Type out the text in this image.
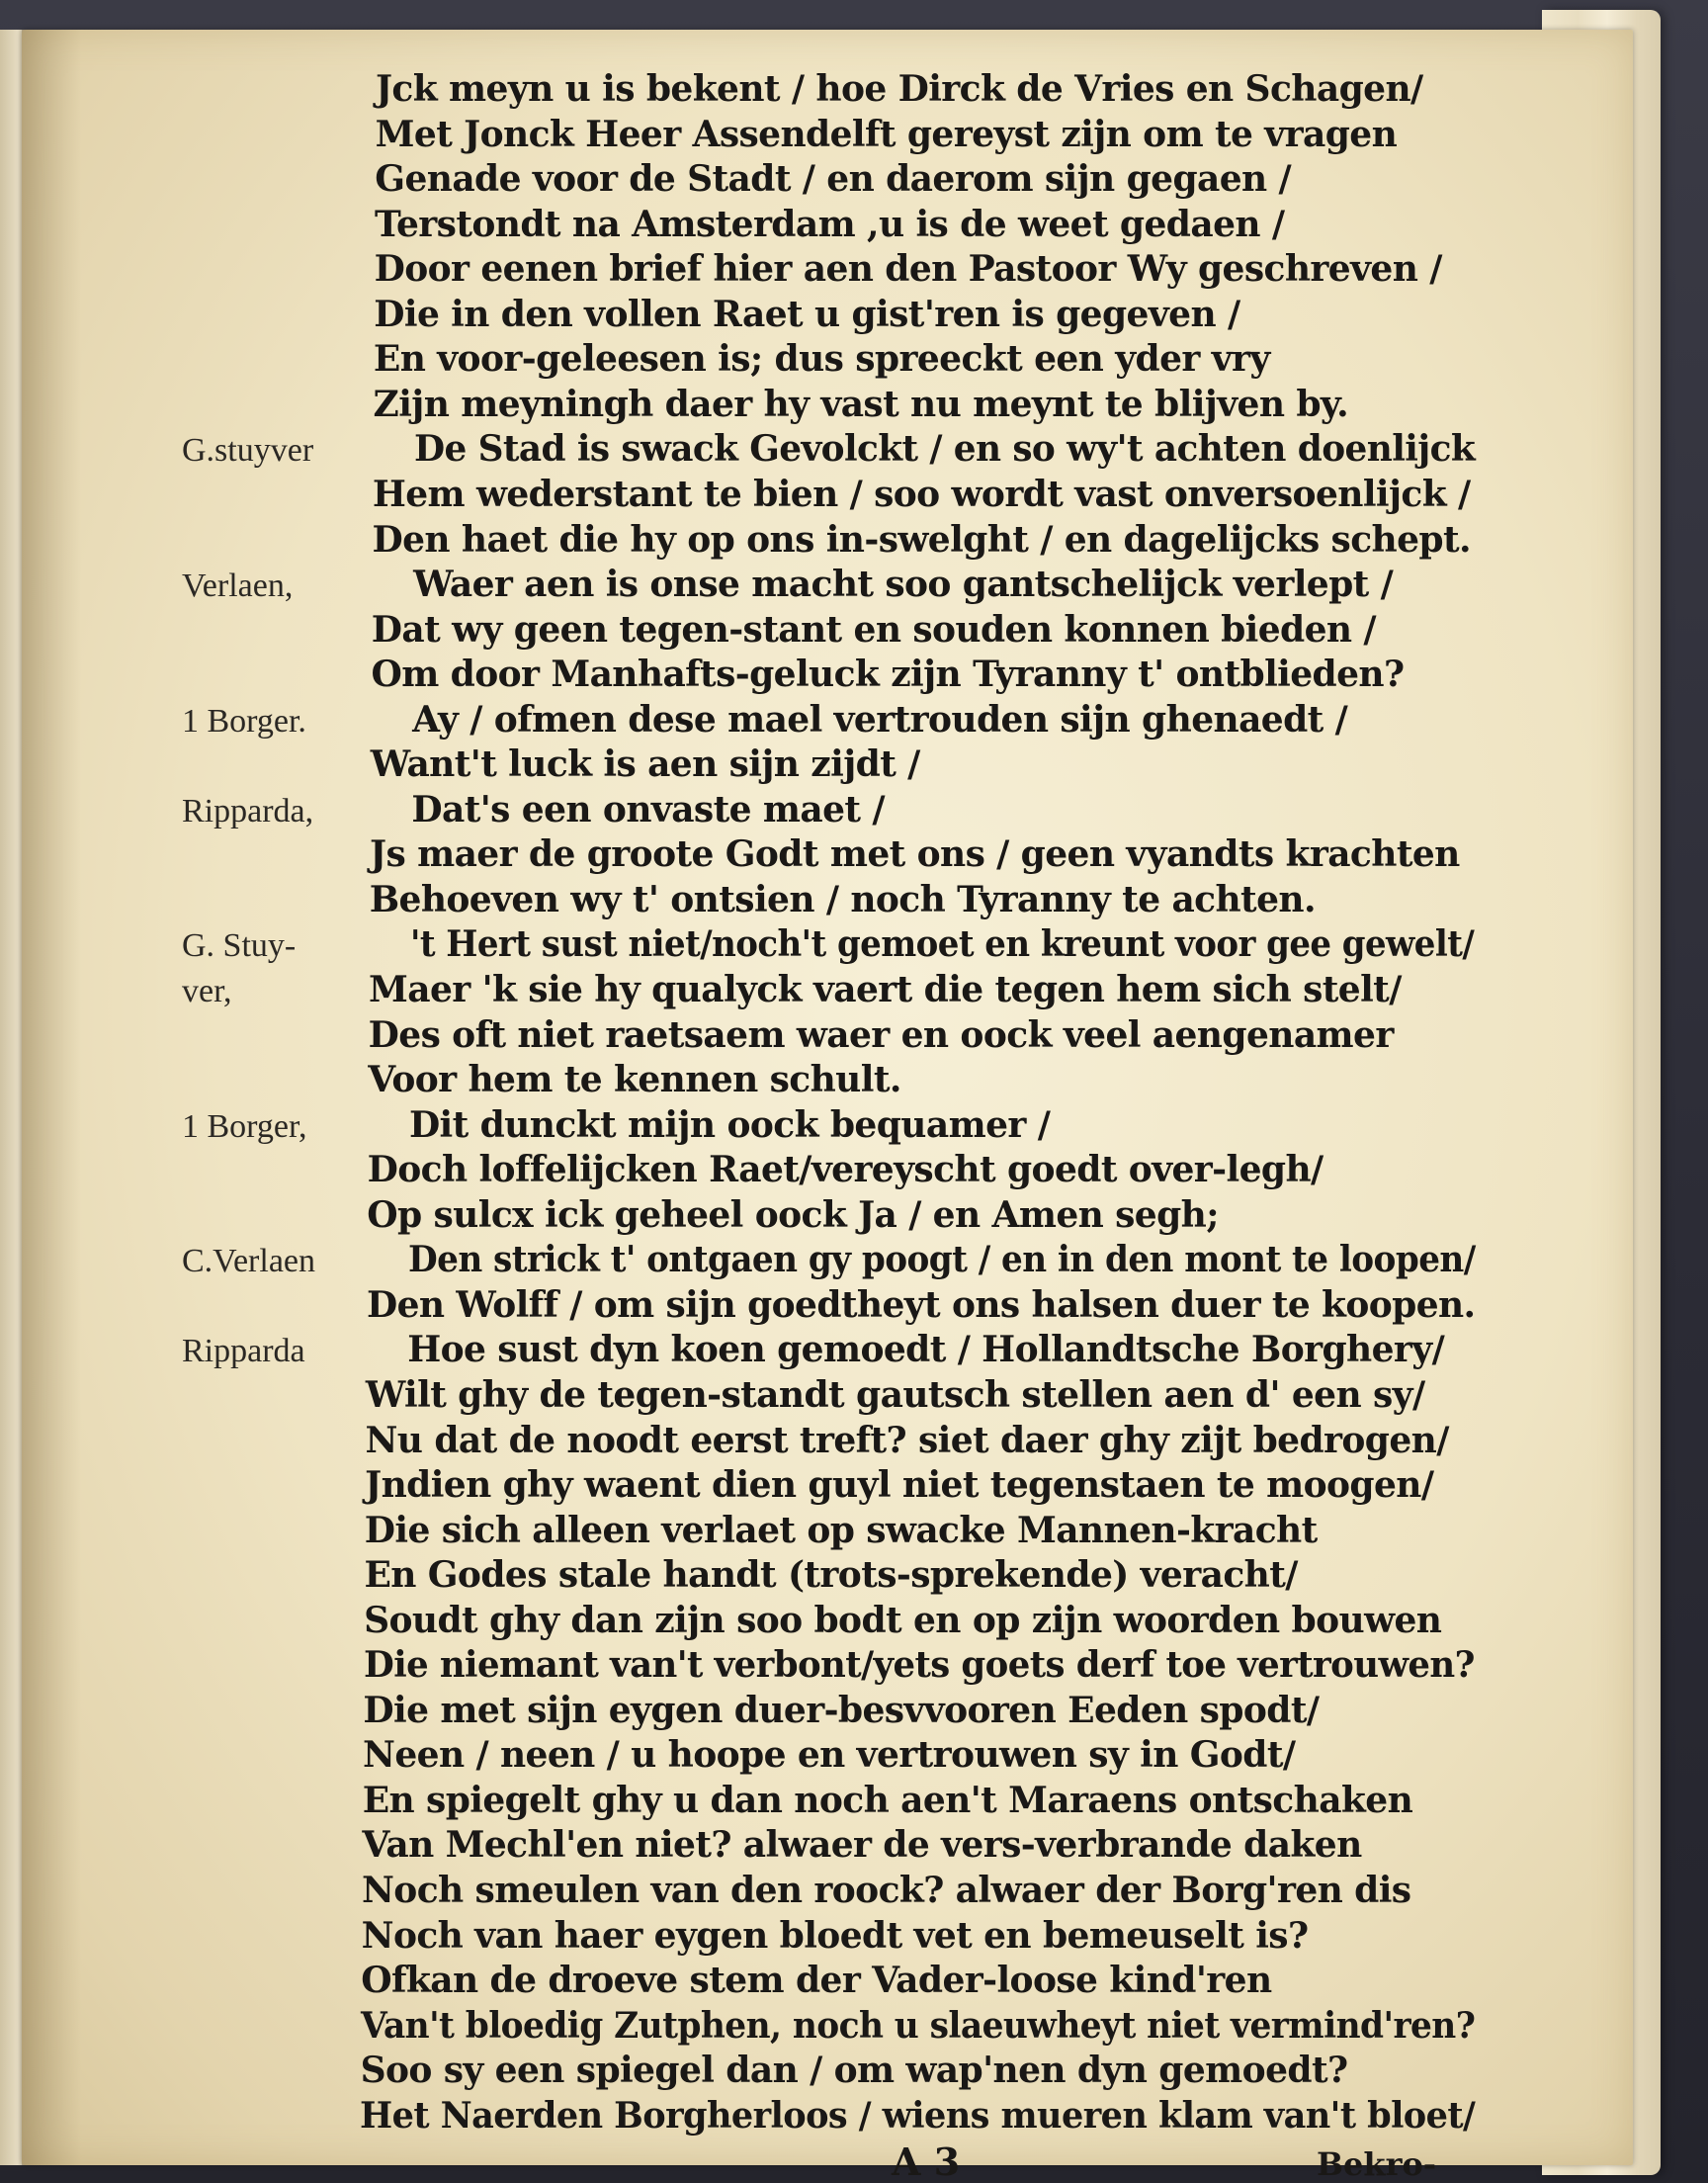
Jck meyn u is bekent / hoe Dirck de Vries en Schagen/
Met Jonck Heer Assendelft gereyst zijn om te vragen
Genade voor de Stadt / en daerom sijn gegaen /
Terstondt na Amsterdam ,u is de weet gedaen /
Door eenen brief hier aen den Pastoor Wy geschreven /
Die in den vollen Raet u gist'ren is gegeven /
En voor-geleesen is; dus spreeckt een yder vry
Zijn meyningh daer hy vast nu meynt te blijven by.
De Stad is swack Gevolckt / en so wy't achten doenlijck
Hem wederstant te bien / soo wordt vast onversoenlijck /
Den haet die hy op ons in-swelght / en dagelijcks schept.
Waer aen is onse macht soo gantschelijck verlept /
Dat wy geen tegen-stant en souden konnen bieden /
Om door Manhafts-geluck zijn Tyranny t' ontblieden?
Ay / ofmen dese mael vertrouden sijn ghenaedt /
Want't luck is aen sijn zijdt /
Dat's een onvaste maet /
Js maer de groote Godt met ons / geen vyandts krachten
Behoeven wy t' ontsien / noch Tyranny te achten.
't Hert sust niet/noch't gemoet en kreunt voor gee gewelt/
Maer 'k sie hy qualyck vaert die tegen hem sich stelt/
Des oft niet raetsaem waer en oock veel aengenamer
Voor hem te kennen schult.
Dit dunckt mijn oock bequamer /
Doch loffelijcken Raet/vereyscht goedt over-legh/
Op sulcx ick geheel oock Ja / en Amen segh;
Den strick t' ontgaen gy poogt / en in den mont te loopen/
Den Wolff / om sijn goedtheyt ons halsen duer te koopen.
Hoe sust dyn koen gemoedt / Hollandtsche Borghery/
Wilt ghy de tegen-standt gautsch stellen aen d' een sy/
Nu dat de noodt eerst treft? siet daer ghy zijt bedrogen/
Jndien ghy waent dien guyl niet tegenstaen te moogen/
Die sich alleen verlaet op swacke Mannen-kracht
En Godes stale handt (trots-sprekende) veracht/
Soudt ghy dan zijn soo bodt en op zijn woorden bouwen
Die niemant van't verbont/yets goets derf toe vertrouwen?
Die met sijn eygen duer-besvvooren Eeden spodt/
Neen / neen / u hoope en vertrouwen sy in Godt/
En spiegelt ghy u dan noch aen't Maraens ontschaken
Van Mechl'en niet? alwaer de vers-verbrande daken
Noch smeulen van den roock? alwaer der Borg'ren dis
Noch van haer eygen bloedt vet en bemeuselt is?
Ofkan de droeve stem der Vader-loose kind'ren
Van't bloedig Zutphen, noch u slaeuwheyt niet vermind'ren?
Soo sy een spiegel dan / om wap'nen dyn gemoedt?
Het Naerden Borgherloos / wiens mueren klam van't bloet/
G.stuyver
Verlaen,
1 Borger.
Ripparda,
G. Stuy-
ver,
1 Borger,
C.Verlaen
Ripparda
A 3	Bekro-
